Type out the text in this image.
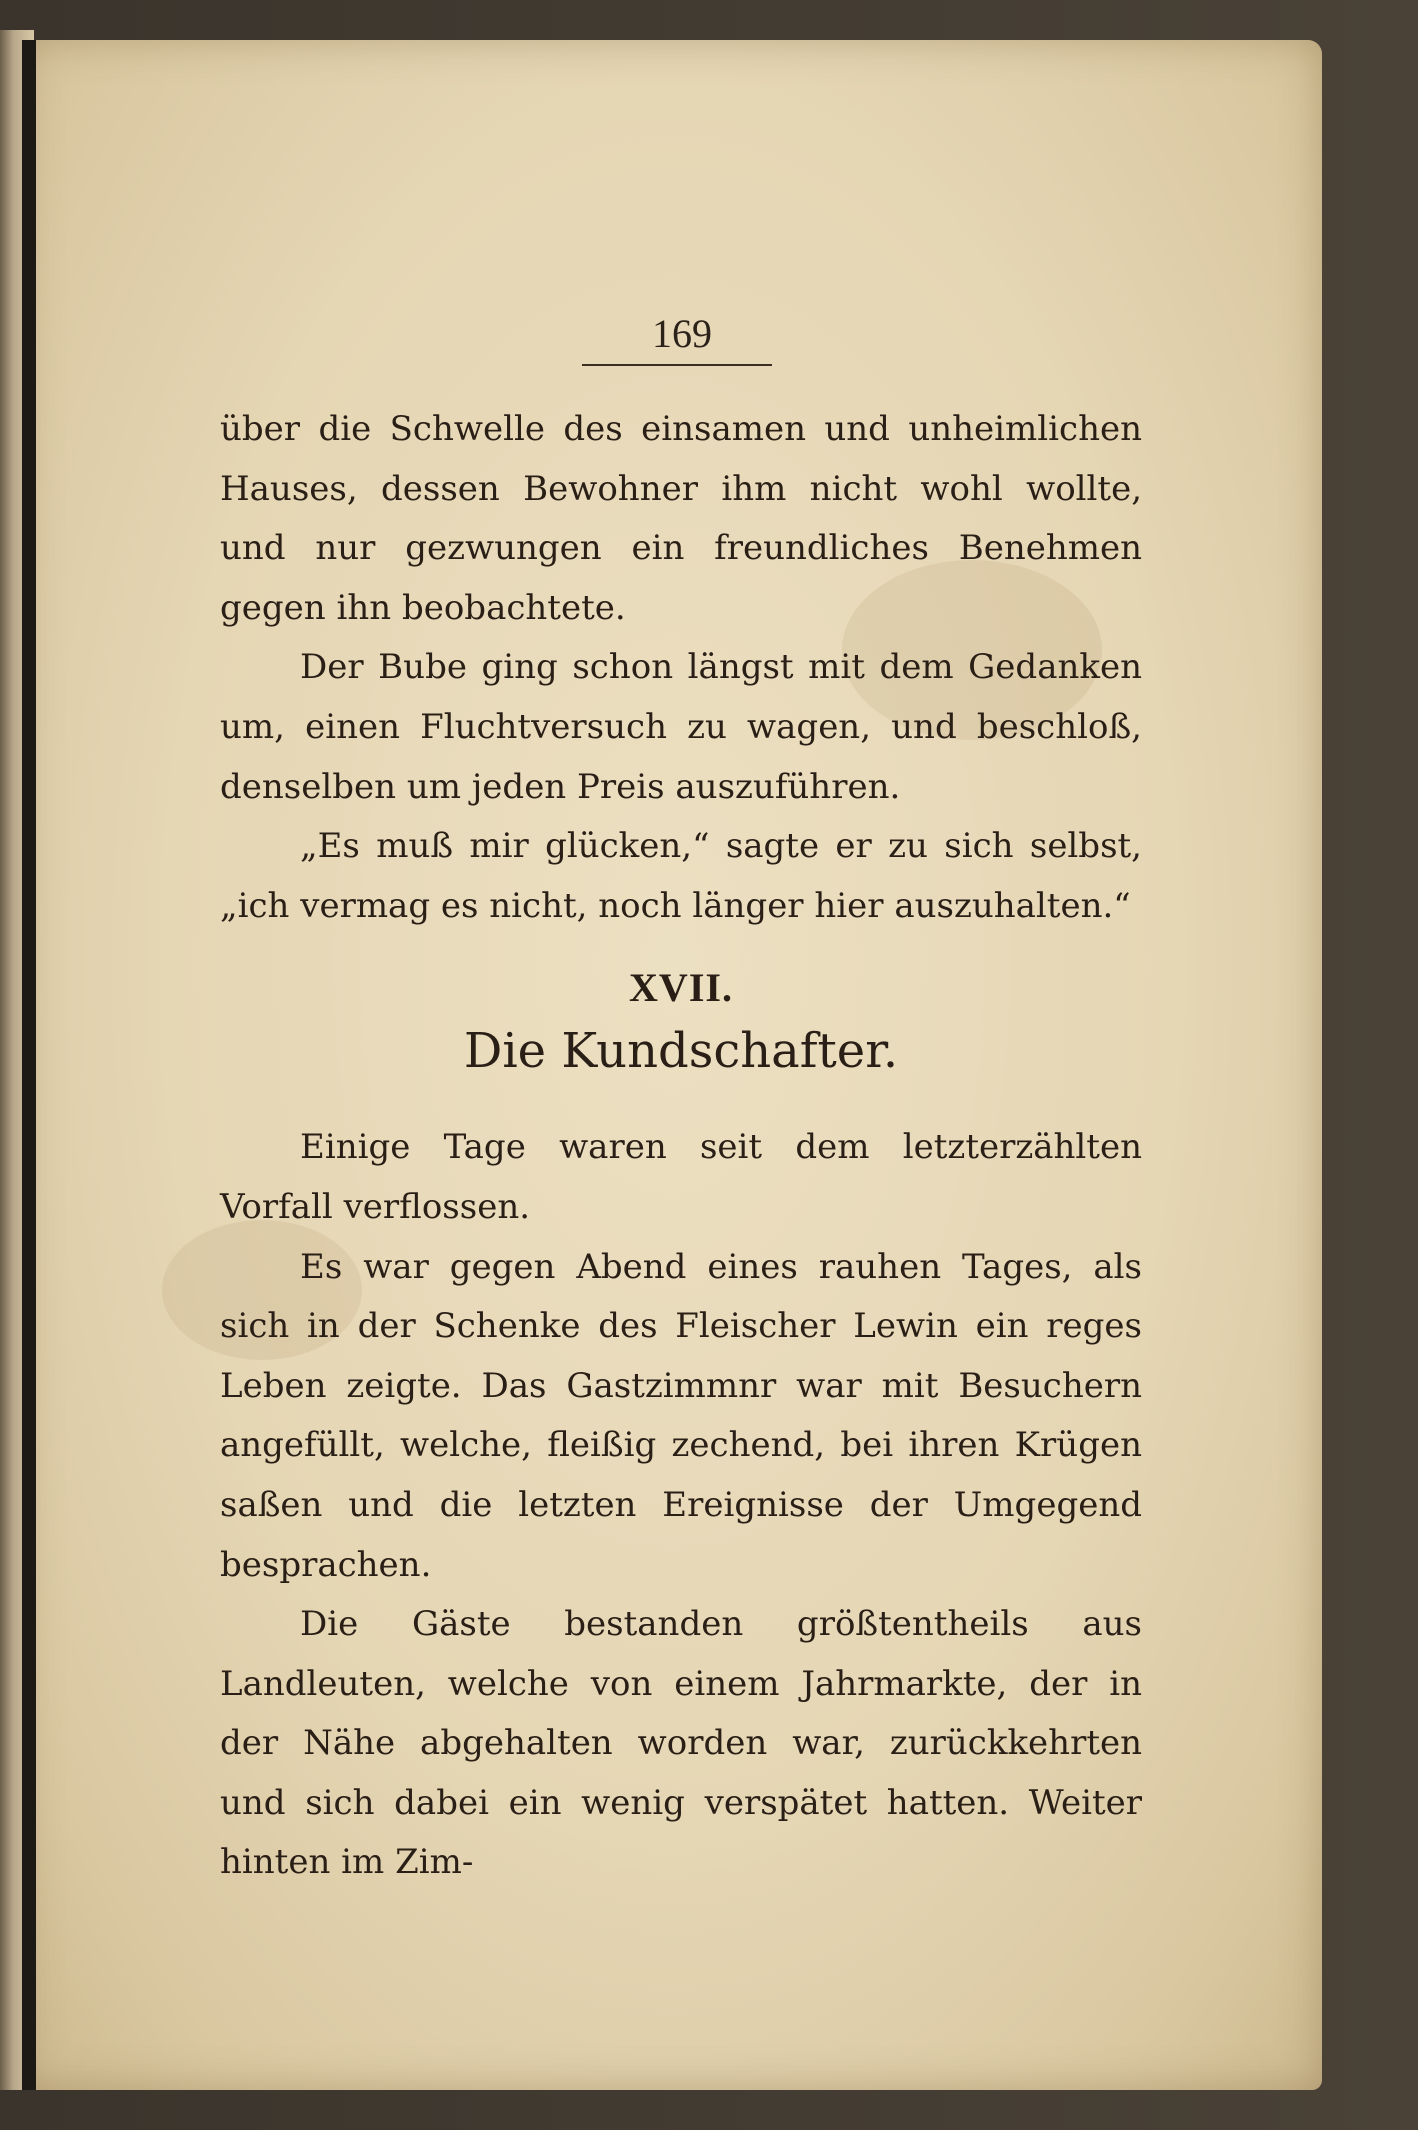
169

über die Schwelle des einsamen und unheimlichen Hauses, dessen Bewohner ihm nicht wohl wollte, und nur gezwungen ein freundliches Benehmen gegen ihn beobachtete.

Der Bube ging schon längst mit dem Gedanken um, einen Fluchtversuch zu wagen, und beschloß, denselben um jeden Preis auszuführen.

„Es muß mir glücken,“ sagte er zu sich selbst, „ich vermag es nicht, noch länger hier auszuhalten.“

XVII.
Die Kundschafter.

Einige Tage waren seit dem letzterzählten Vorfall verflossen.

Es war gegen Abend eines rauhen Tages, als sich in der Schenke des Fleischer Lewin ein reges Leben zeigte. Das Gastzimmnr war mit Besuchern angefüllt, welche, fleißig zechend, bei ihren Krügen saßen und die letzten Ereignisse der Umgegend besprachen.

Die Gäste bestanden größtentheils aus Landleuten, welche von einem Jahrmarkte, der in der Nähe abgehalten worden war, zurückkehrten und sich dabei ein wenig verspätet hatten. Weiter hinten im Zim-
